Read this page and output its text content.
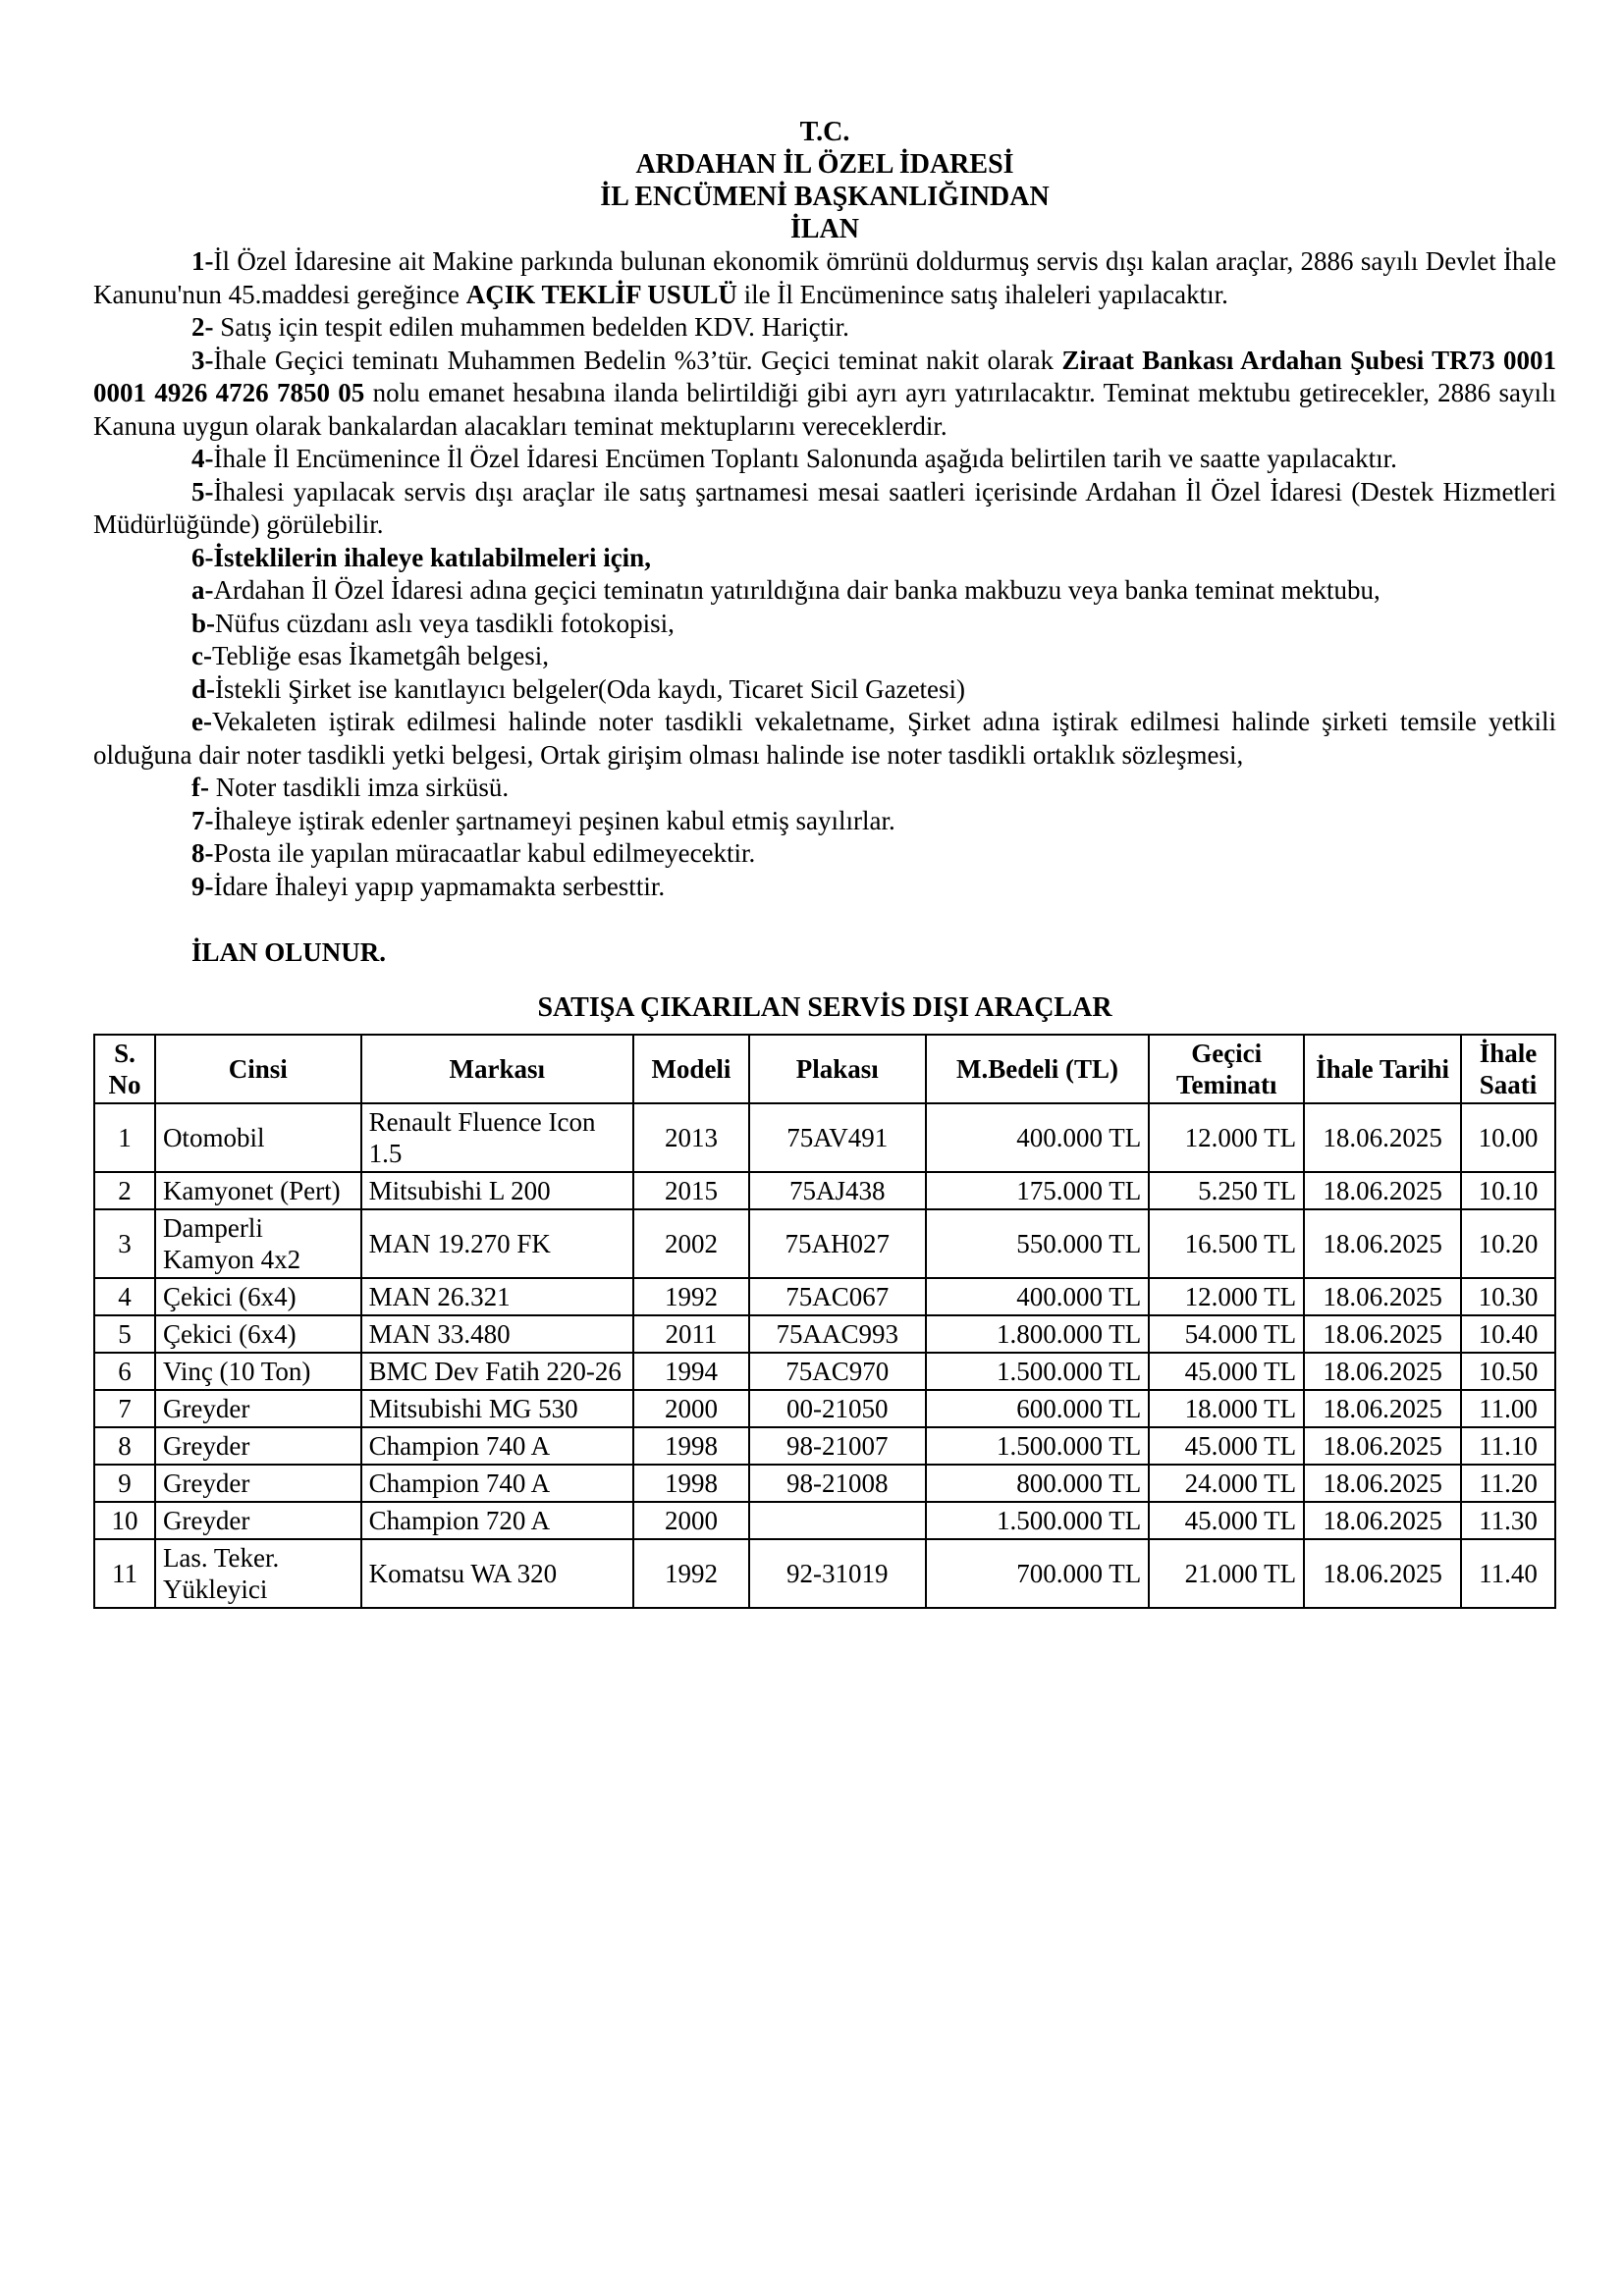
T.C.
ARDAHAN İL ÖZEL İDARESİ
İL ENCÜMENİ BAŞKANLIĞINDAN
İLAN

1-İl Özel İdaresine ait Makine parkında bulunan ekonomik ömrünü doldurmuş servis dışı kalan araçlar, 2886 sayılı Devlet İhale Kanunu'nun 45.maddesi gereğince AÇIK TEKLİF USULÜ ile İl Encümenince satış ihaleleri yapılacaktır.

2- Satış için tespit edilen muhammen bedelden KDV. Hariçtir.

3-İhale Geçici teminatı Muhammen Bedelin %3’tür. Geçici teminat nakit olarak Ziraat Bankası Ardahan Şubesi TR73 0001 0001 4926 4726 7850 05 nolu emanet hesabına ilanda belirtildiği gibi ayrı ayrı yatırılacaktır. Teminat mektubu getirecekler, 2886 sayılı Kanuna uygun olarak bankalardan alacakları teminat mektuplarını vereceklerdir.

4-İhale İl Encümenince İl Özel İdaresi Encümen Toplantı Salonunda aşağıda belirtilen tarih ve saatte yapılacaktır.

5-İhalesi yapılacak servis dışı araçlar ile satış şartnamesi mesai saatleri içerisinde Ardahan İl Özel İdaresi (Destek Hizmetleri Müdürlüğünde) görülebilir.

6-İsteklilerin ihaleye katılabilmeleri için,

a-Ardahan İl Özel İdaresi adına geçici teminatın yatırıldığına dair banka makbuzu veya banka teminat mektubu,

b-Nüfus cüzdanı aslı veya tasdikli fotokopisi,

c-Tebliğe esas İkametgâh belgesi,

d-İstekli Şirket ise kanıtlayıcı belgeler(Oda kaydı, Ticaret Sicil Gazetesi)

e-Vekaleten iştirak edilmesi halinde noter tasdikli vekaletname, Şirket adına iştirak edilmesi halinde şirketi temsile yetkili olduğuna dair noter tasdikli yetki belgesi, Ortak girişim olması halinde ise noter tasdikli ortaklık sözleşmesi,

f- Noter tasdikli imza sirküsü.

7-İhaleye iştirak edenler şartnameyi peşinen kabul etmiş sayılırlar.

8-Posta ile yapılan müracaatlar kabul edilmeyecektir.

9-İdare İhaleyi yapıp yapmamakta serbesttir.

İLAN OLUNUR.
SATIŞA ÇIKARILAN SERVİS DIŞI ARAÇLAR
S. No	Cinsi	Markası	Modeli	Plakası	M.Bedeli (TL)	Geçici Teminatı	İhale Tarihi	İhale Saati
1	Otomobil	Renault Fluence Icon 1.5	2013	75AV491	400.000 TL	12.000 TL	18.06.2025	10.00
2	Kamyonet (Pert)	Mitsubishi L 200	2015	75AJ438	175.000 TL	5.250 TL	18.06.2025	10.10
3	Damperli Kamyon 4x2	MAN 19.270 FK	2002	75AH027	550.000 TL	16.500 TL	18.06.2025	10.20
4	Çekici (6x4)	MAN 26.321	1992	75AC067	400.000 TL	12.000 TL	18.06.2025	10.30
5	Çekici (6x4)	MAN 33.480	2011	75AAC993	1.800.000 TL	54.000 TL	18.06.2025	10.40
6	Vinç (10 Ton)	BMC Dev Fatih 220-26	1994	75AC970	1.500.000 TL	45.000 TL	18.06.2025	10.50
7	Greyder	Mitsubishi MG 530	2000	00-21050	600.000 TL	18.000 TL	18.06.2025	11.00
8	Greyder	Champion 740 A	1998	98-21007	1.500.000 TL	45.000 TL	18.06.2025	11.10
9	Greyder	Champion 740 A	1998	98-21008	800.000 TL	24.000 TL	18.06.2025	11.20
10	Greyder	Champion 720 A	2000		1.500.000 TL	45.000 TL	18.06.2025	11.30
11	Las. Teker. Yükleyici	Komatsu WA 320	1992	92-31019	700.000 TL	21.000 TL	18.06.2025	11.40
